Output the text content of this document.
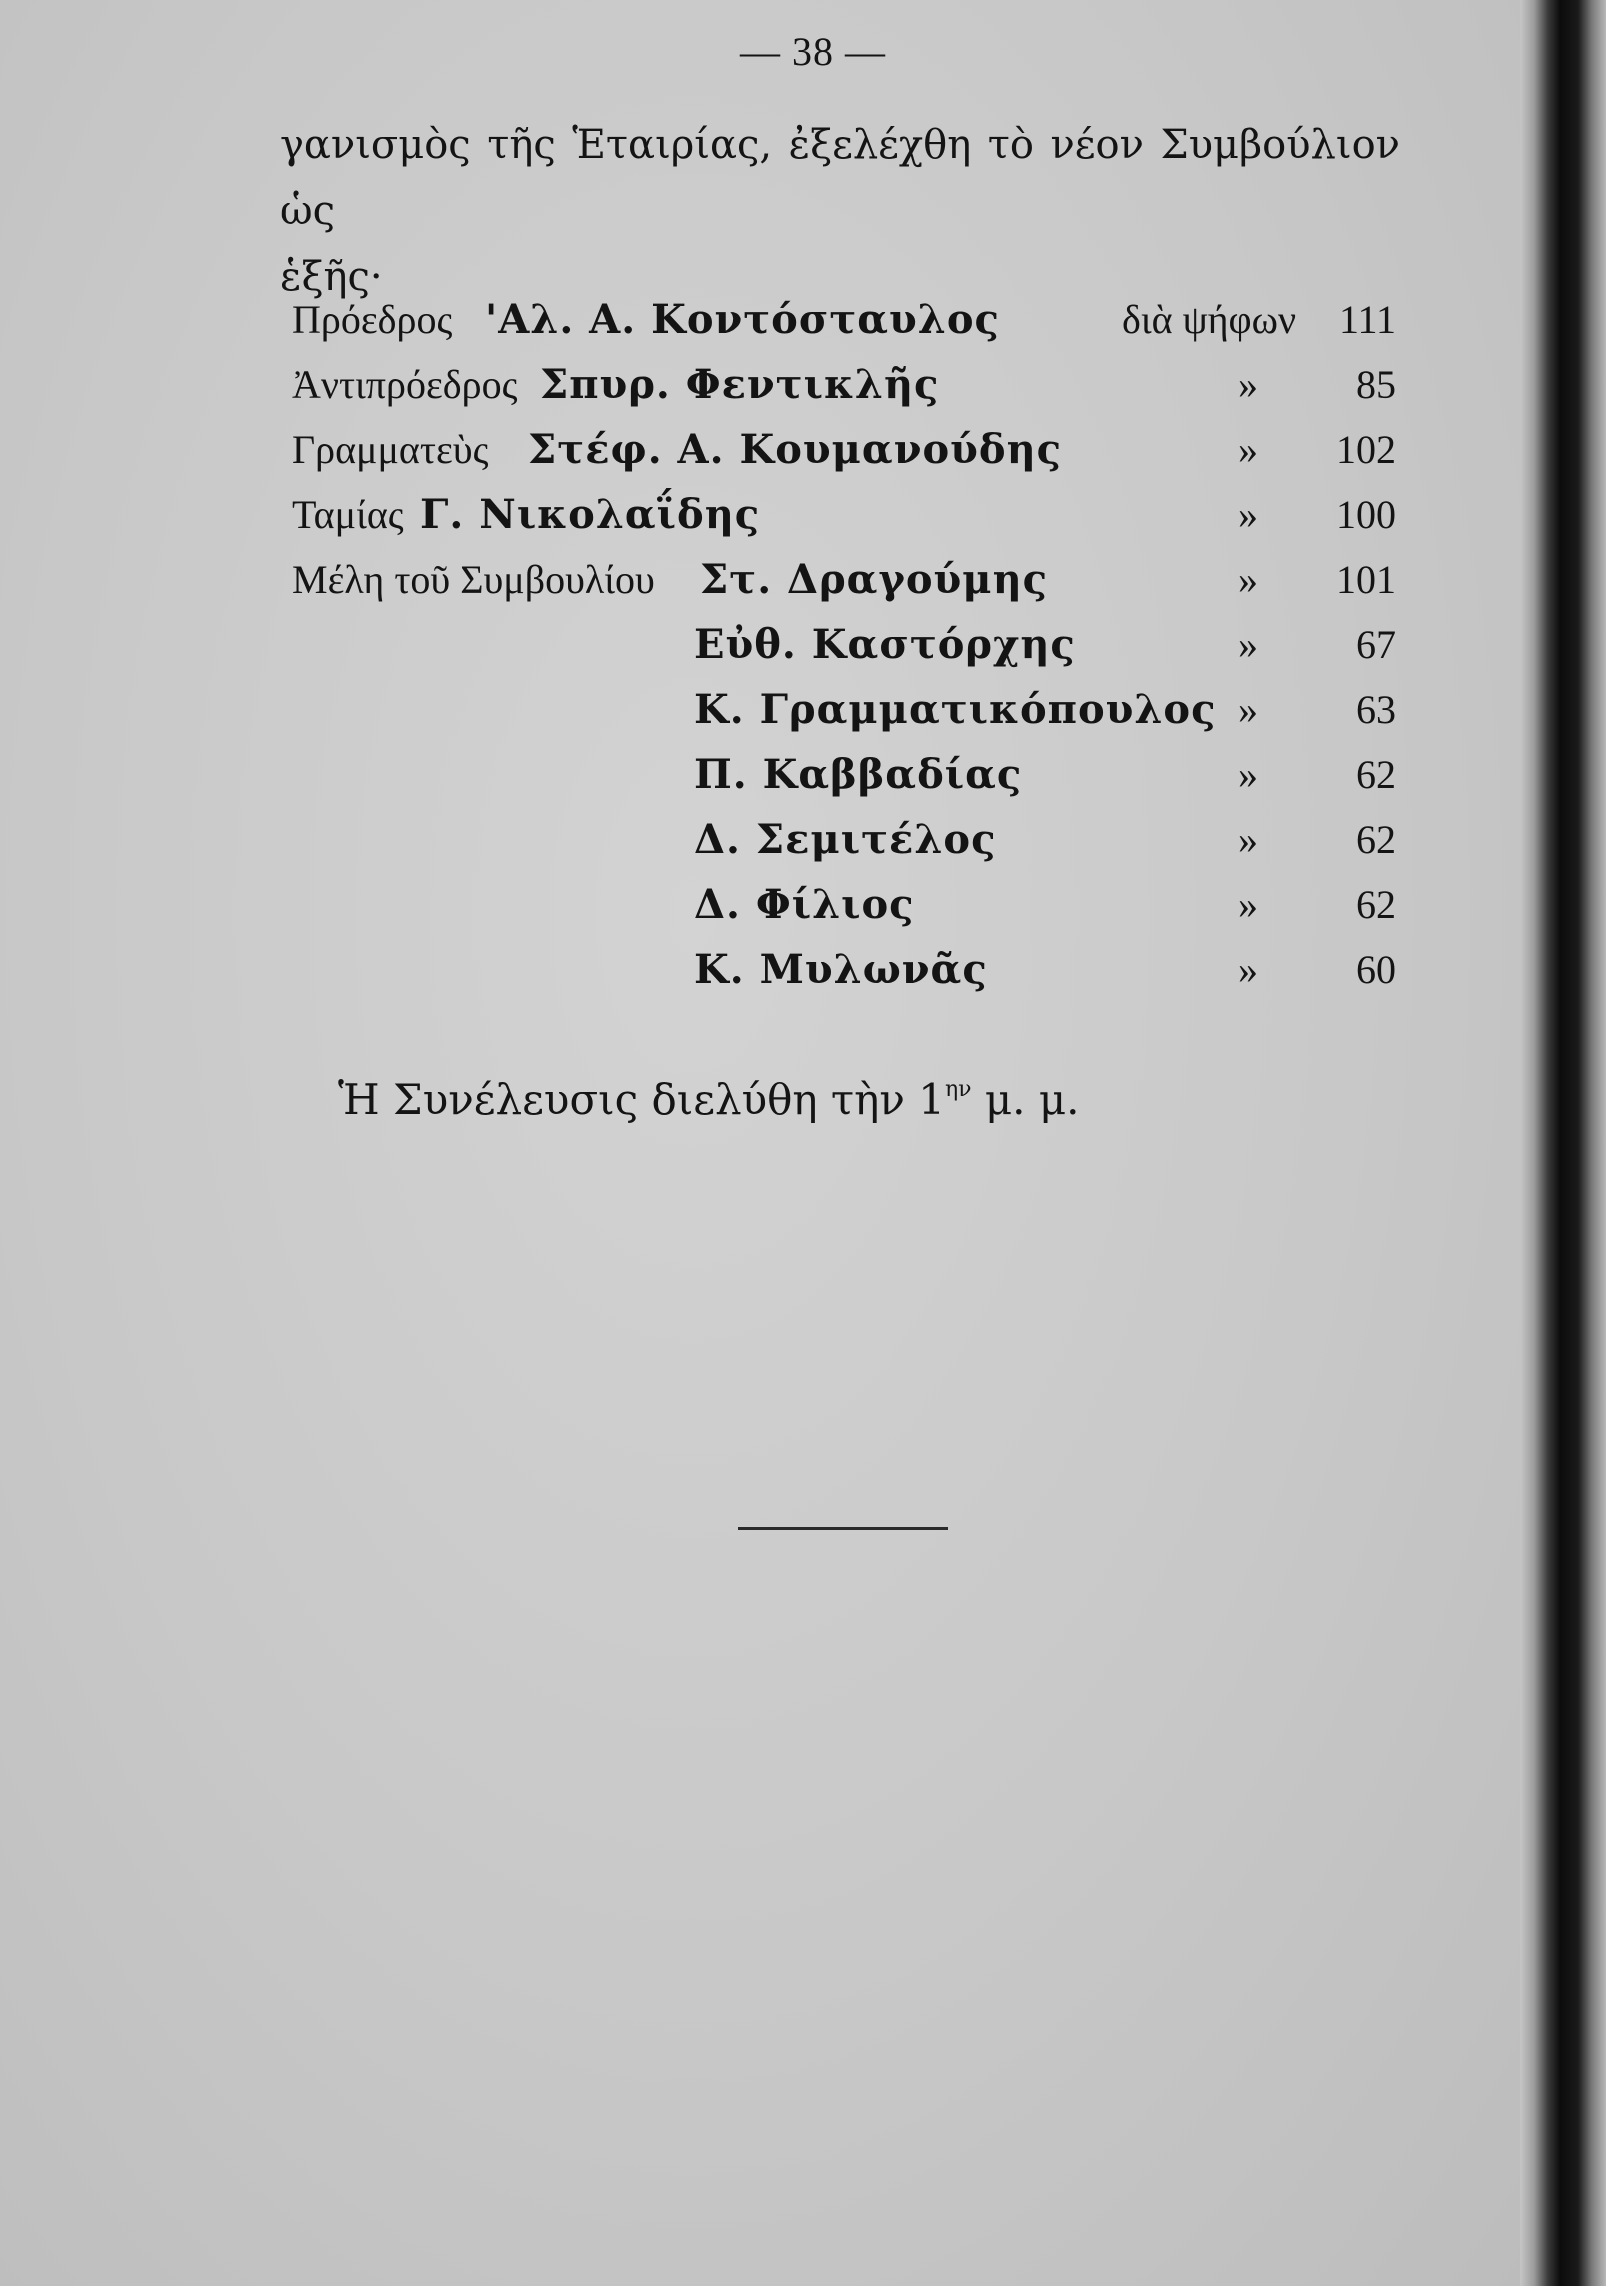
— 38 —
γανισμὸς τῆς Ἑταιρίας, ἐξελέχθη τὸ νέον Συμβούλιον ὡς
ἑξῆς·
Πρόεδρος 'Αλ. Α. Κοντόσταυλος	διὰ ψήφων	111
Ἀντιπρόεδρος Σπυρ. Φεντικλῆς	»	85
Γραμματεὺς Στέφ. Α. Κουμανούδης	»	102
Ταμίας Γ. Νικολαΐδης	»	100
Μέλη τοῦ Συμβουλίου Στ. Δραγούμης	»	101
Εὐθ. Καστόρχης	»	67
Κ. Γραμματικόπουλος »	63
Π. Καββαδίας	»	62
Δ. Σεμιτέλος	»	62
Δ. Φίλιος	»	62
Κ. Μυλωνᾶς	»	60
Ἡ Συνέλευσις διελύθη τὴν $1^{\eta\nu}$ μ. μ.
